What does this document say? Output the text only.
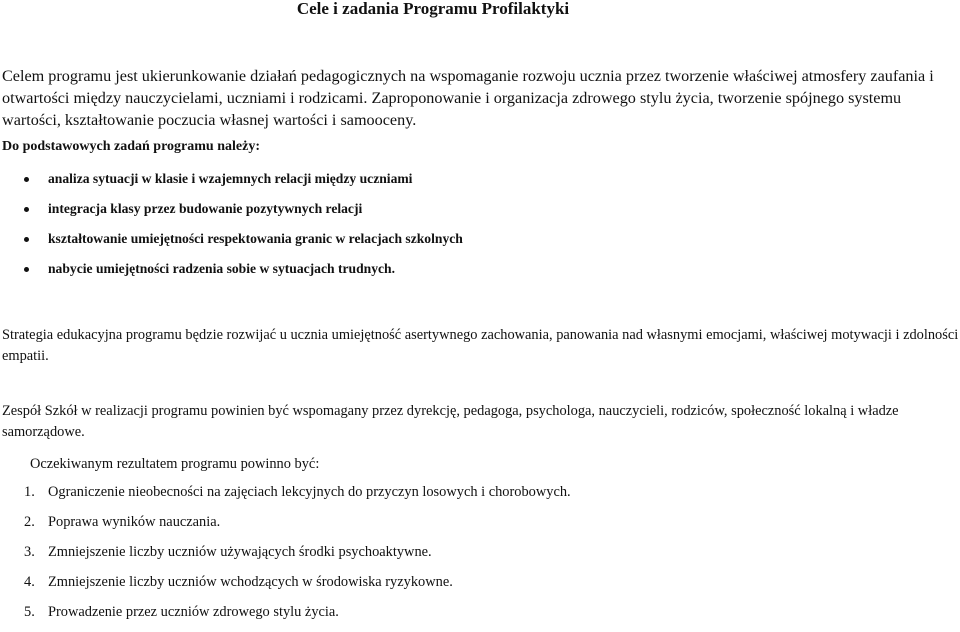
Cele i zadania Programu Profilaktyki

Celem programu jest ukierunkowanie działań pedagogicznych na wspomaganie rozwoju ucznia przez tworzenie właściwej atmosfery zaufania i otwartości między nauczycielami, uczniami i rodzicami. Zaproponowanie i organizacja zdrowego stylu życia, tworzenie spójnego systemu wartości, kształtowanie poczucia własnej wartości i samooceny.

Do podstawowych zadań programu należy:

analiza sytuacji w klasie i wzajemnych relacji między uczniami
integracja klasy przez budowanie pozytywnych relacji
kształtowanie umiejętności respektowania granic w relacjach szkolnych
nabycie umiejętności radzenia sobie w sytuacjach trudnych.

Strategia edukacyjna programu będzie rozwijać u ucznia umiejętność asertywnego zachowania, panowania nad własnymi emocjami, właściwej motywacji i zdolności empatii.

Zespół Szkół w realizacji programu powinien być wspomagany przez dyrekcję, pedagoga, psychologa, nauczycieli, rodziców, społeczność lokalną i władze samorządowe.

Oczekiwanym rezultatem programu powinno być:

1. Ograniczenie nieobecności na zajęciach lekcyjnych do przyczyn losowych i chorobowych.
2. Poprawa wyników nauczania.
3. Zmniejszenie liczby uczniów używających środki psychoaktywne.
4. Zmniejszenie liczby uczniów wchodzących w środowiska ryzykowne.
5. Prowadzenie przez uczniów zdrowego stylu życia.
